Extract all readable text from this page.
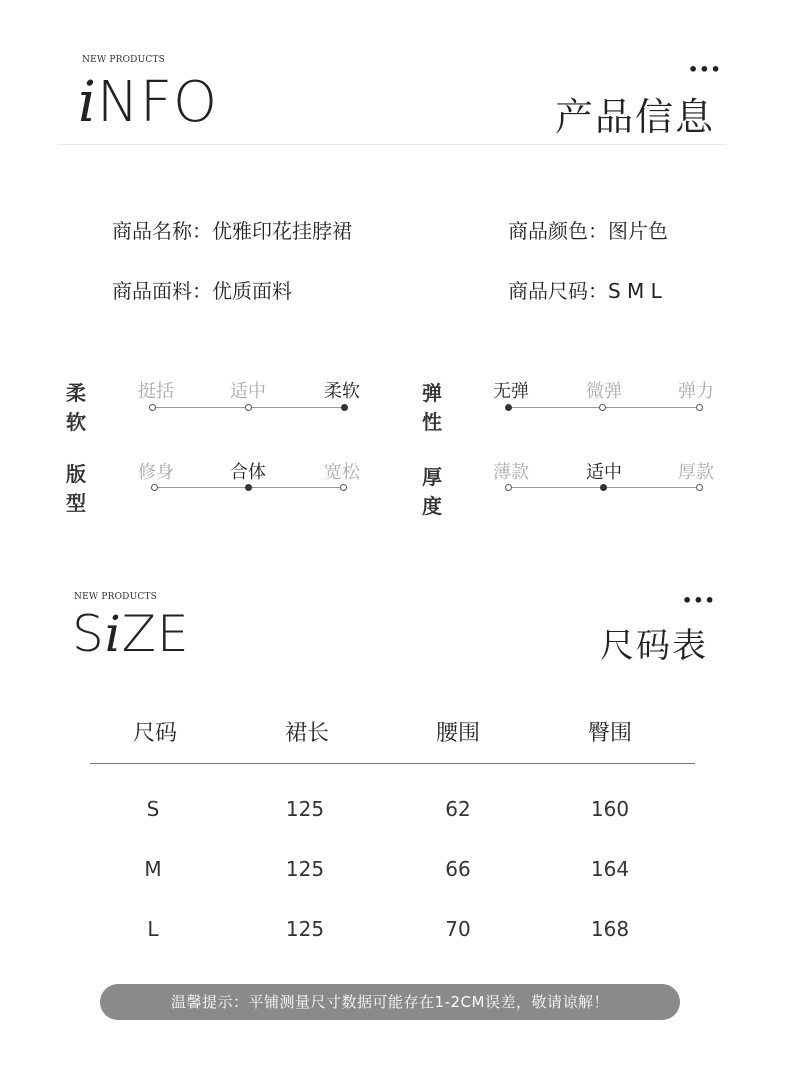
NEW PRODUCTS
iNFO
•••
产品信息
商品名称：优雅印花挂脖裙	商品颜色：图片色
商品面料：优质面料	商品尺码：S M L
柔软
挺括	适中	柔软	弹性
无弹	微弹	弹力
版型
修身	合体	宽松	厚度
薄款	适中	厚款
NEW PRODUCTS
SiZE
•••
尺码表
尺码	裙长	腰围	臀围
S	125	62	160
M	125	66	164
L	125	70	168
温馨提示：平铺测量尺寸数据可能存在1-2CM误差，敬请谅解！
